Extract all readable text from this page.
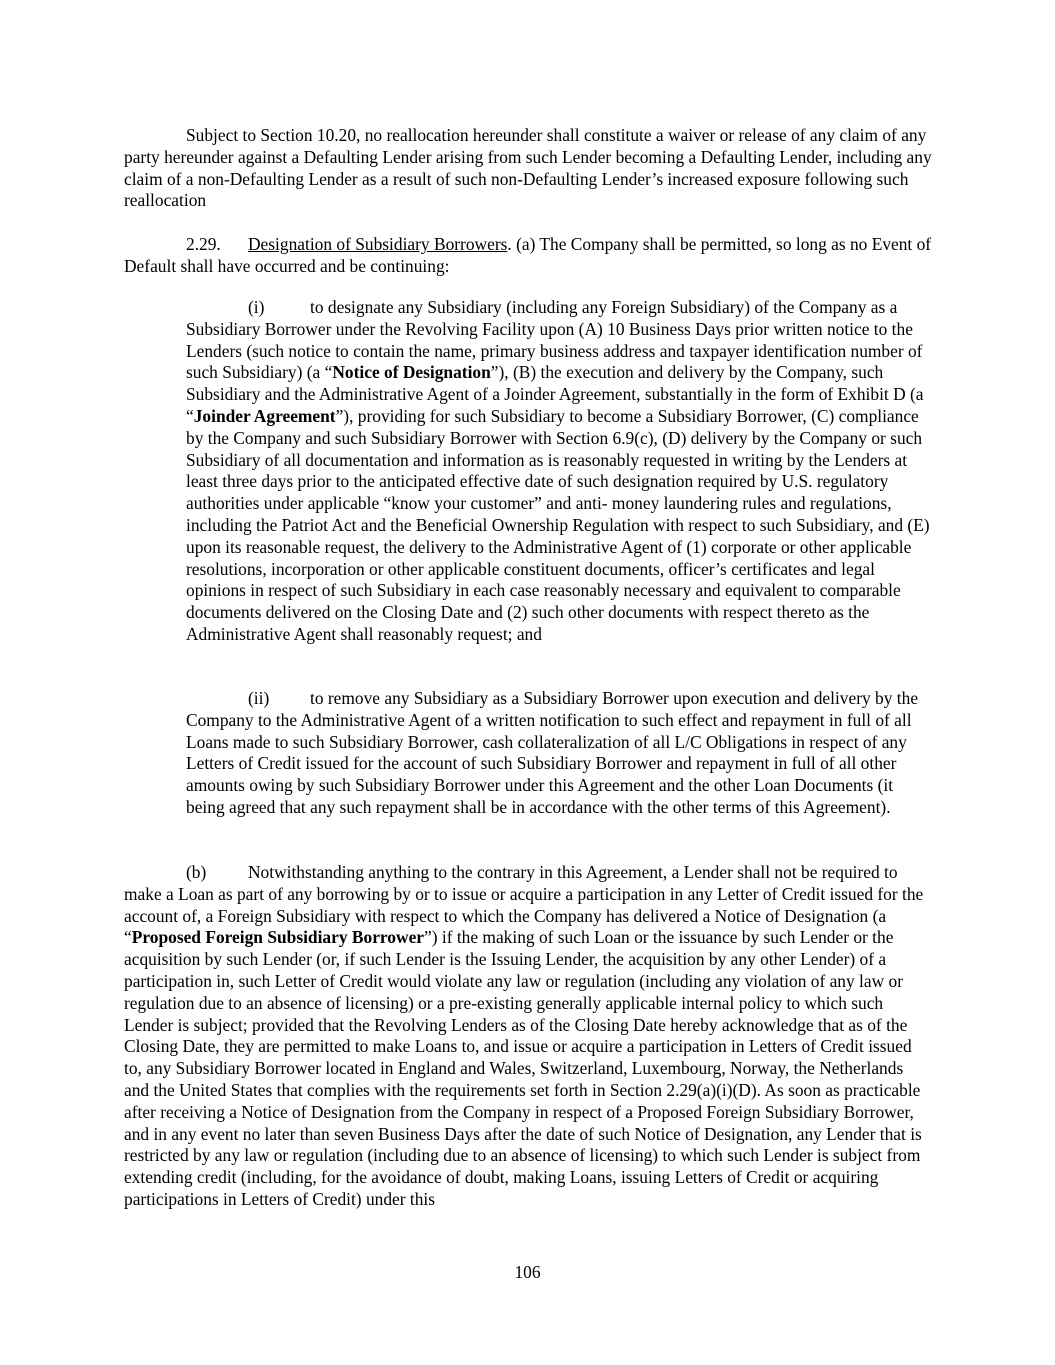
Subject to Section 10.20, no reallocation hereunder shall constitute a waiver or release of any claim of any party hereunder against a Defaulting Lender arising from such Lender becoming a Defaulting Lender, including any claim of a non-Defaulting Lender as a result of such non-Defaulting Lender’s increased exposure following such reallocation

2.29. Designation of Subsidiary Borrowers. (a) The Company shall be permitted, so long as no Event of Default shall have occurred and be continuing:

(i)	to designate any Subsidiary (including any Foreign Subsidiary) of the Company as a Subsidiary Borrower under the Revolving Facility upon (A) 10 Business Days prior written notice to the Lenders (such notice to contain the name, primary business address and taxpayer identification number of such Subsidiary) (a “Notice of Designation”), (B) the execution and delivery by the Company, such Subsidiary and the Administrative Agent of a Joinder Agreement, substantially in the form of Exhibit D (a “Joinder Agreement”), providing for such Subsidiary to become a Subsidiary Borrower, (C) compliance by the Company and such Subsidiary Borrower with Section 6.9(c), (D) delivery by the Company or such Subsidiary of all documentation and information as is reasonably requested in writing by the Lenders at least three days prior to the anticipated effective date of such designation required by U.S. regulatory authorities under applicable “know your customer” and anti- money laundering rules and regulations, including the Patriot Act and the Beneficial Ownership Regulation with respect to such Subsidiary, and (E) upon its reasonable request, the delivery to the Administrative Agent of (1) corporate or other applicable resolutions, incorporation or other applicable constituent documents, officer’s certificates and legal opinions in respect of such Subsidiary in each case reasonably necessary and equivalent to comparable documents delivered on the Closing Date and (2) such other documents with respect thereto as the Administrative Agent shall reasonably request; and

(ii) to remove any Subsidiary as a Subsidiary Borrower upon execution and delivery by the Company to the Administrative Agent of a written notification to such effect and repayment in full of all Loans made to such Subsidiary Borrower, cash collateralization of all L/C Obligations in respect of any Letters of Credit issued for the account of such Subsidiary Borrower and repayment in full of all other amounts owing by such Subsidiary Borrower under this Agreement and the other Loan Documents (it being agreed that any such repayment shall be in accordance with the other terms of this Agreement).

(b) Notwithstanding anything to the contrary in this Agreement, a Lender shall not be required to make a Loan as part of any borrowing by or to issue or acquire a participation in any Letter of Credit issued for the account of, a Foreign Subsidiary with respect to which the Company has delivered a Notice of Designation (a “Proposed Foreign Subsidiary Borrower”) if the making of such Loan or the issuance by such Lender or the acquisition by such Lender (or, if such Lender is the Issuing Lender, the acquisition by any other Lender) of a participation in, such Letter of Credit would violate any law or regulation (including any violation of any law or regulation due to an absence of licensing) or a pre-existing generally applicable internal policy to which such Lender is subject; provided that the Revolving Lenders as of the Closing Date hereby acknowledge that as of the Closing Date, they are permitted to make Loans to, and issue or acquire a participation in Letters of Credit issued to, any Subsidiary Borrower located in England and Wales, Switzerland, Luxembourg, Norway, the Netherlands and the United States that complies with the requirements set forth in Section 2.29(a)(i)(D). As soon as practicable after receiving a Notice of Designation from the Company in respect of a Proposed Foreign Subsidiary Borrower, and in any event no later than seven Business Days after the date of such Notice of Designation, any Lender that is restricted by any law or regulation (including due to an absence of licensing) to which such Lender is subject from extending credit (including, for the avoidance of doubt, making Loans, issuing Letters of Credit or acquiring participations in Letters of Credit) under this

106
